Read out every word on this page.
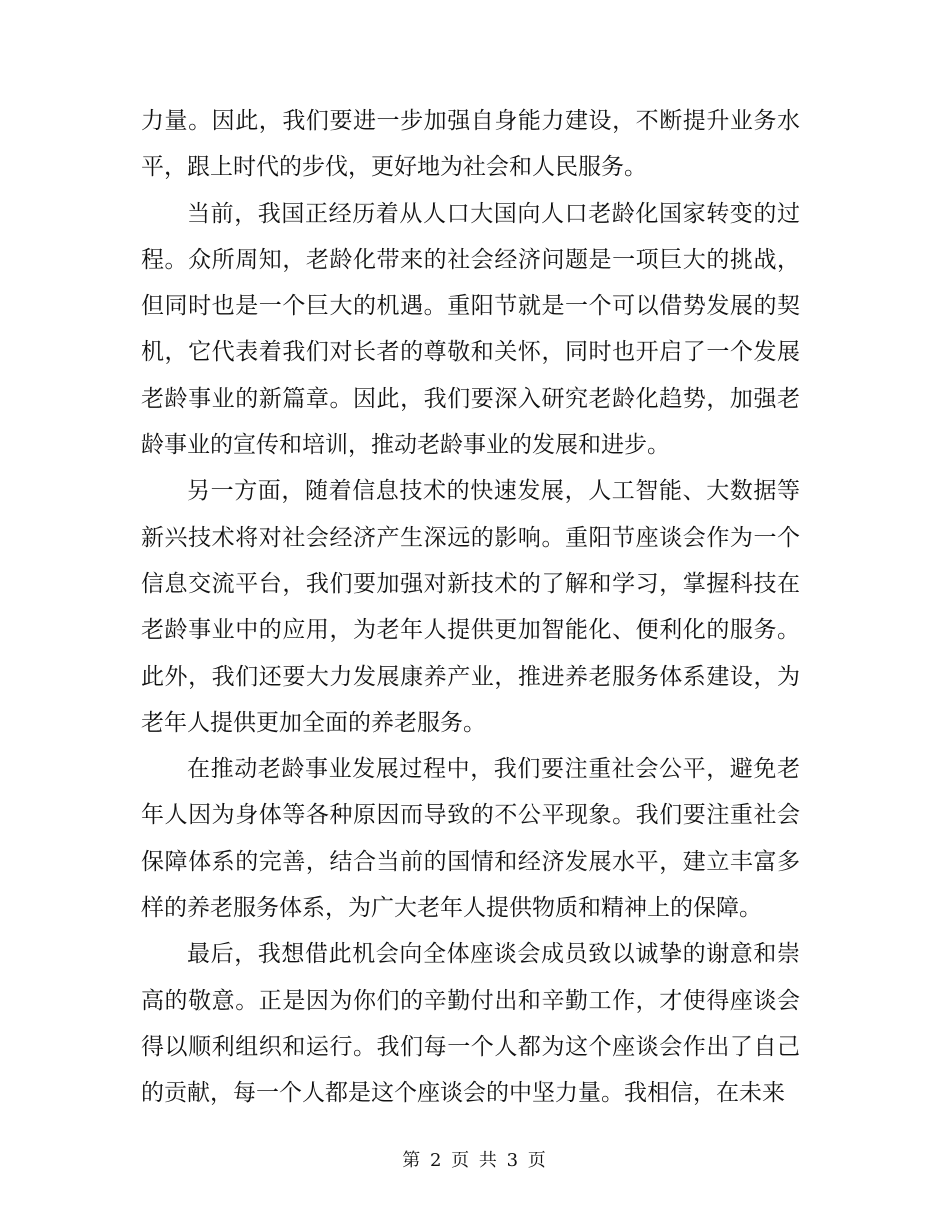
力量。因此，我们要进一步加强自身能力建设，不断提升业务水平，跟上时代的步伐，更好地为社会和人民服务。

当前，我国正经历着从人口大国向人口老龄化国家转变的过程。众所周知，老龄化带来的社会经济问题是一项巨大的挑战，但同时也是一个巨大的机遇。重阳节就是一个可以借势发展的契机，它代表着我们对长者的尊敬和关怀，同时也开启了一个发展老龄事业的新篇章。因此，我们要深入研究老龄化趋势，加强老龄事业的宣传和培训，推动老龄事业的发展和进步。

另一方面，随着信息技术的快速发展，人工智能、大数据等新兴技术将对社会经济产生深远的影响。重阳节座谈会作为一个信息交流平台，我们要加强对新技术的了解和学习，掌握科技在老龄事业中的应用，为老年人提供更加智能化、便利化的服务。此外，我们还要大力发展康养产业，推进养老服务体系建设，为老年人提供更加全面的养老服务。

在推动老龄事业发展过程中，我们要注重社会公平，避免老年人因为身体等各种原因而导致的不公平现象。我们要注重社会保障体系的完善，结合当前的国情和经济发展水平，建立丰富多样的养老服务体系，为广大老年人提供物质和精神上的保障。

最后，我想借此机会向全体座谈会成员致以诚挚的谢意和崇高的敬意。正是因为你们的辛勤付出和辛勤工作，才使得座谈会得以顺利组织和运行。我们每一个人都为这个座谈会作出了自己的贡献，每一个人都是这个座谈会的中坚力量。我相信，在未来

第 2 页 共 3 页
